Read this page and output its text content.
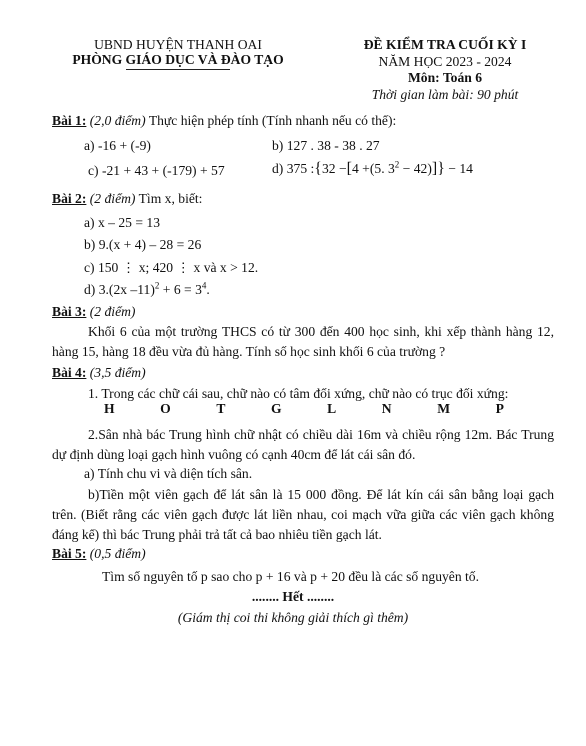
UBND HUYỆN THANH OAI
PHÒNG GIÁO DỤC VÀ ĐÀO TẠO
ĐỀ KIỂM TRA CUỐI KỲ I
NĂM HỌC 2023 - 2024
Môn: Toán 6
Thời gian làm bài: 90 phút
Bài 1: (2,0 điểm) Thực hiện phép tính (Tính nhanh nếu có thể):
a) -16 + (-9)	b) 127 . 38 - 38 . 27
c) -21 + 43 + (-179) + 57	d) 375 :{32 −[4 +(5. $3^2 - 42)]\} - 14$
Bài 2: (2 điểm) Tìm x, biết:
a) x – 25 = 13
b) 9.(x + 4) – 28 = 26
c) 150 ⋮ x; 420 ⋮ x và x > 12.
d) 3.(2x $-11)^2 + 6 = 3^4$.
Bài 3: (2 điểm)
Khối 6 của một trường THCS có từ 300 đến 400 học sinh, khi xếp thành hàng 12, hàng 15, hàng 18 đều vừa đủ hàng. Tính số học sinh khối 6 của trường ?
Bài 4: (3,5 điểm)
1. Trong các chữ cái sau, chữ nào có tâm đối xứng, chữ nào có trục đối xứng:
H	O	T	G	L	N	M	P
2.Sân nhà bác Trung hình chữ nhật có chiều dài 16m và chiều rộng 12m. Bác Trung dự định dùng loại gạch hình vuông có cạnh 40cm để lát cái sân đó.
a) Tính chu vi và diện tích sân.
b)Tiền một viên gạch để lát sân là 15 000 đồng. Để lát kín cái sân bằng loại gạch trên. (Biết rằng các viên gạch được lát liền nhau, coi mạch vữa giữa các viên gạch không đáng kể) thì bác Trung phải trả tất cả bao nhiêu tiền gạch lát.
Bài 5: (0,5 điểm)
Tìm số nguyên tố p sao cho p + 16 và p + 20 đều là các số nguyên tố.
........ Hết ........
(Giám thị coi thi không giải thích gì thêm)
